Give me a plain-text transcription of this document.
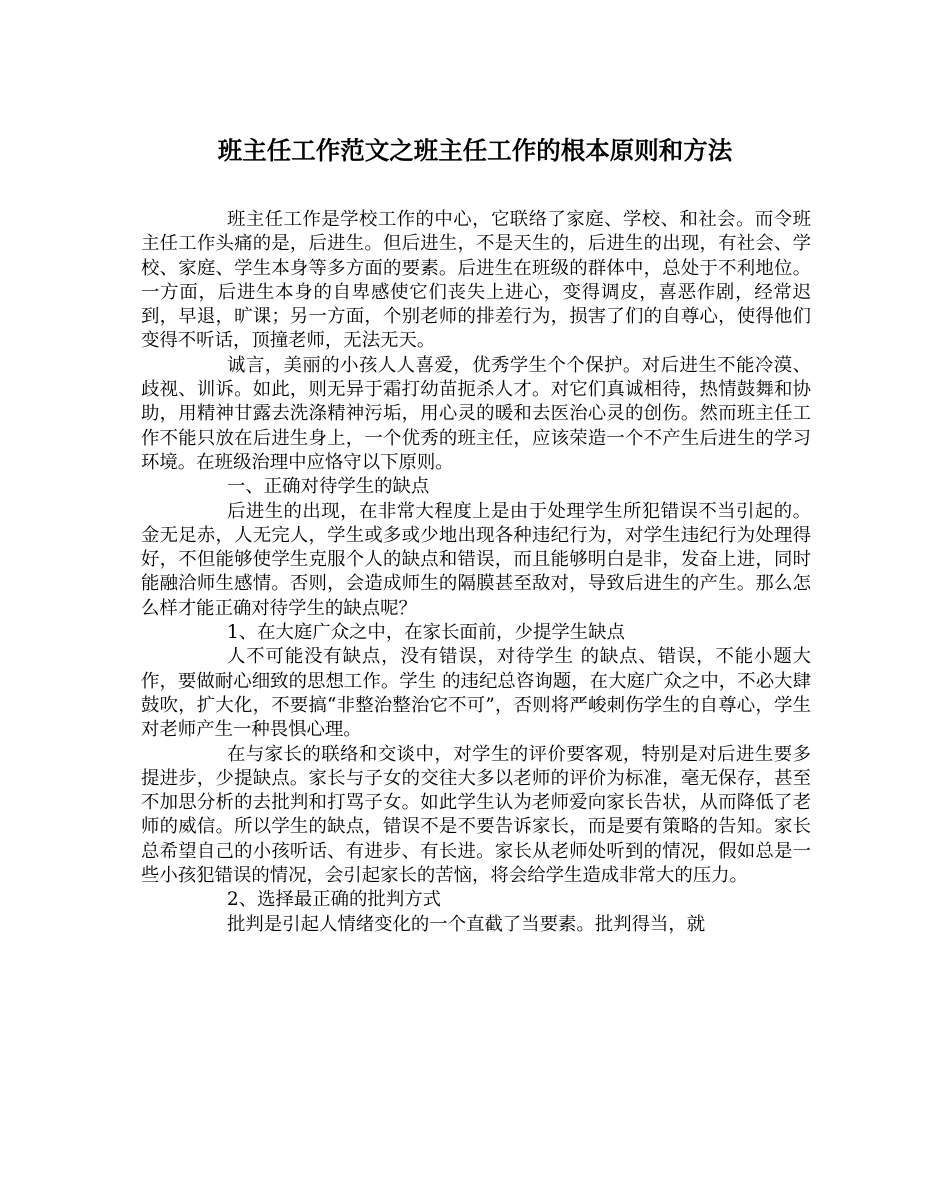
班主任工作范文之班主任工作的根本原则和方法

班主任工作是学校工作的中心，它联络了家庭、学校、和社会。而令班主任工作头痛的是，后进生。但后进生，不是天生的，后进生的出现，有社会、学校、家庭、学生本身等多方面的要素。后进生在班级的群体中，总处于不利地位。一方面，后进生本身的自卑感使它们丧失上进心，变得调皮，喜恶作剧，经常迟到，早退，旷课；另一方面，个别老师的排差行为，损害了们的自尊心，使得他们变得不听话，顶撞老师，无法无天。

诚言，美丽的小孩人人喜爱，优秀学生个个保护。对后进生不能冷漠、歧视、训诉。如此，则无异于霜打幼苗扼杀人才。对它们真诚相待，热情鼓舞和协助，用精神甘露去洗涤精神污垢，用心灵的暖和去医治心灵的创伤。然而班主任工作不能只放在后进生身上，一个优秀的班主任，应该荣造一个不产生后进生的学习环境。在班级治理中应恪守以下原则。

一、正确对待学生的缺点

后进生的出现，在非常大程度上是由于处理学生所犯错误不当引起的。金无足赤，人无完人，学生或多或少地出现各种违纪行为，对学生违纪行为处理得好，不但能够使学生克服个人的缺点和错误，而且能够明白是非，发奋上进，同时能融洽师生感情。否则，会造成师生的隔膜甚至敌对，导致后进生的产生。那么怎么样才能正确对待学生的缺点呢？

1、在大庭广众之中，在家长面前，少提学生缺点

人不可能没有缺点，没有错误，对待学生 的缺点、错误，不能小题大作，要做耐心细致的思想工作。学生 的违纪总咨询题，在大庭广众之中，不必大肆鼓吹，扩大化，不要搞“非整治整治它不可”，否则将严峻刺伤学生的自尊心，学生对老师产生一种畏惧心理。

在与家长的联络和交谈中，对学生的评价要客观，特别是对后进生要多提进步，少提缺点。家长与子女的交往大多以老师的评价为标准，毫无保存，甚至不加思分析的去批判和打骂子女。如此学生认为老师爱向家长告状，从而降低了老师的威信。所以学生的缺点，错误不是不要告诉家长，而是要有策略的告知。家长总希望自己的小孩听话、有进步、有长进。家长从老师处听到的情况，假如总是一些小孩犯错误的情况，会引起家长的苦恼，将会给学生造成非常大的压力。

2、选择最正确的批判方式

批判是引起人情绪变化的一个直截了当要素。批判得当，就
